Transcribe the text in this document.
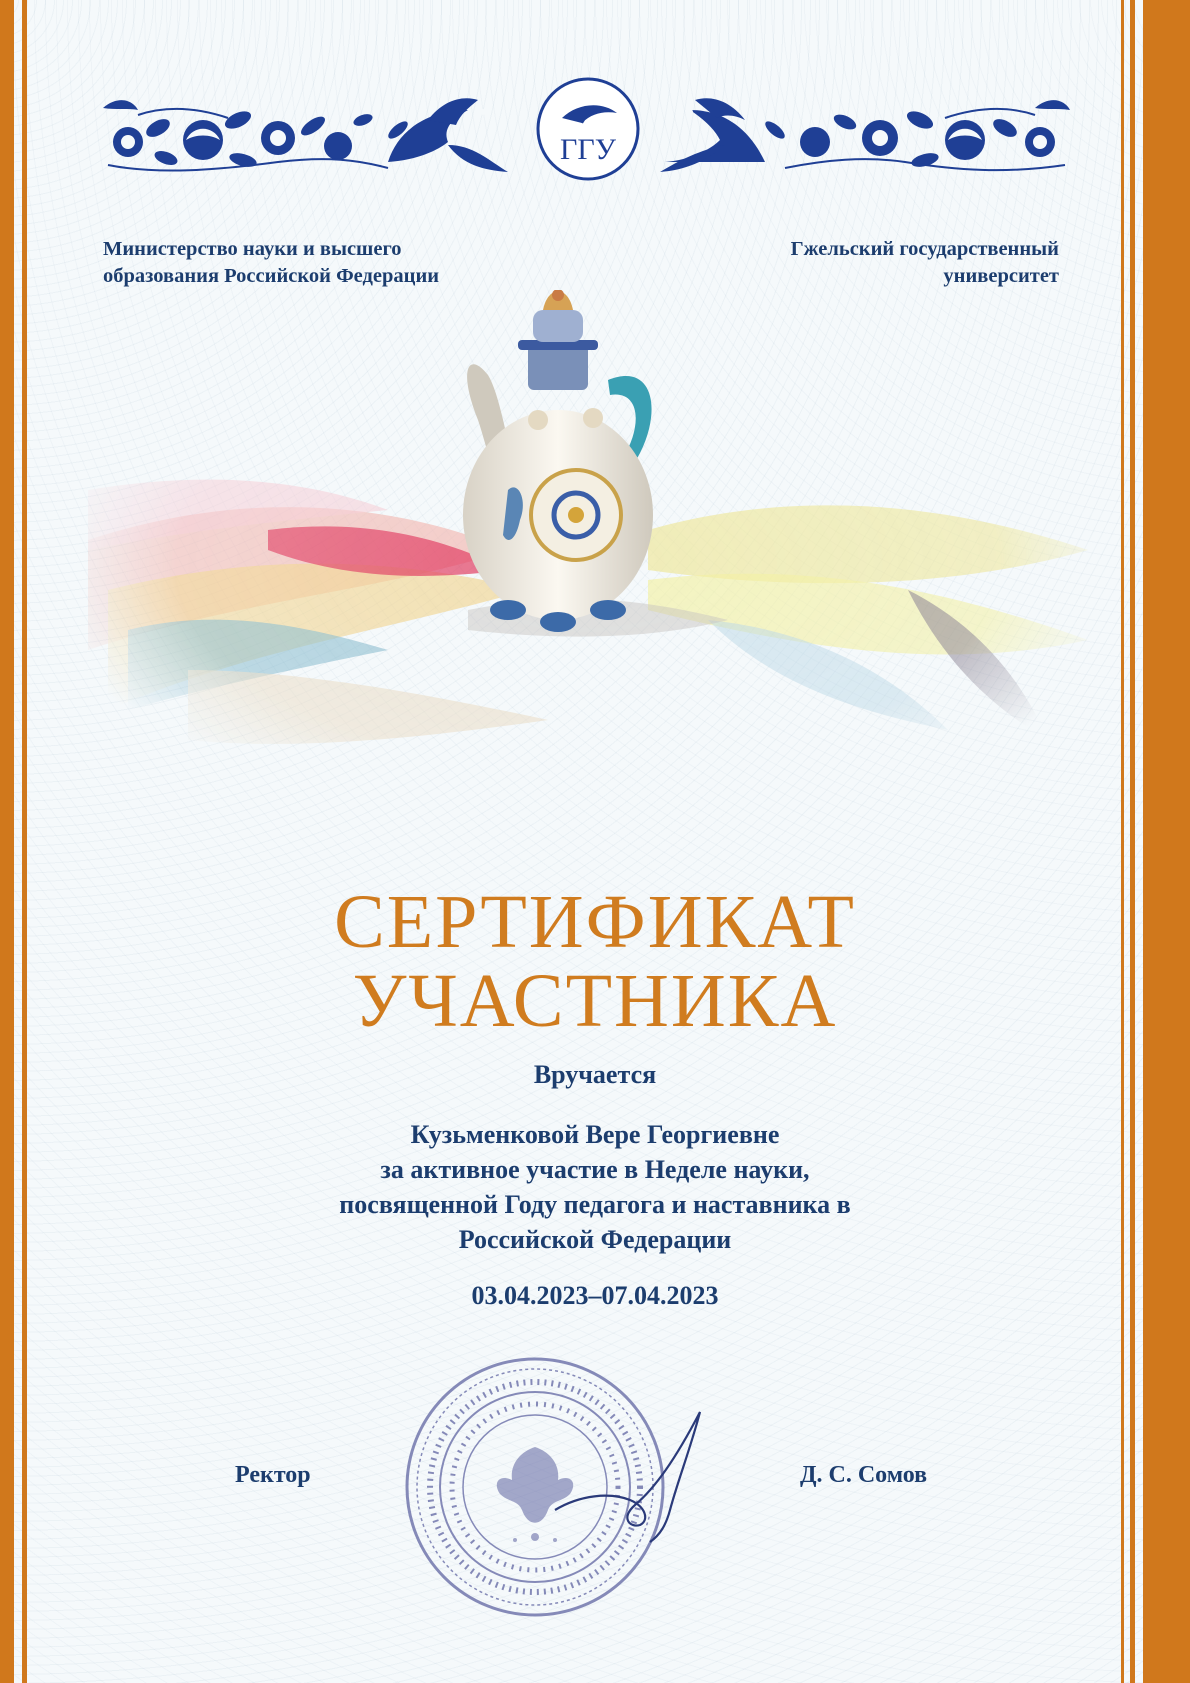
ГГУ
Министерство науки и высшего
образования Российской Федерации
Гжельский государственный
университет
СЕРТИФИКАТ
УЧАСТНИКА
Вручается
Кузьменковой Вере Георгиевне
за активное участие в Неделе науки,
посвященной Году педагога и наставника в
Российской Федерации
03.04.2023–07.04.2023
Ректор	Д. С. Сомов
